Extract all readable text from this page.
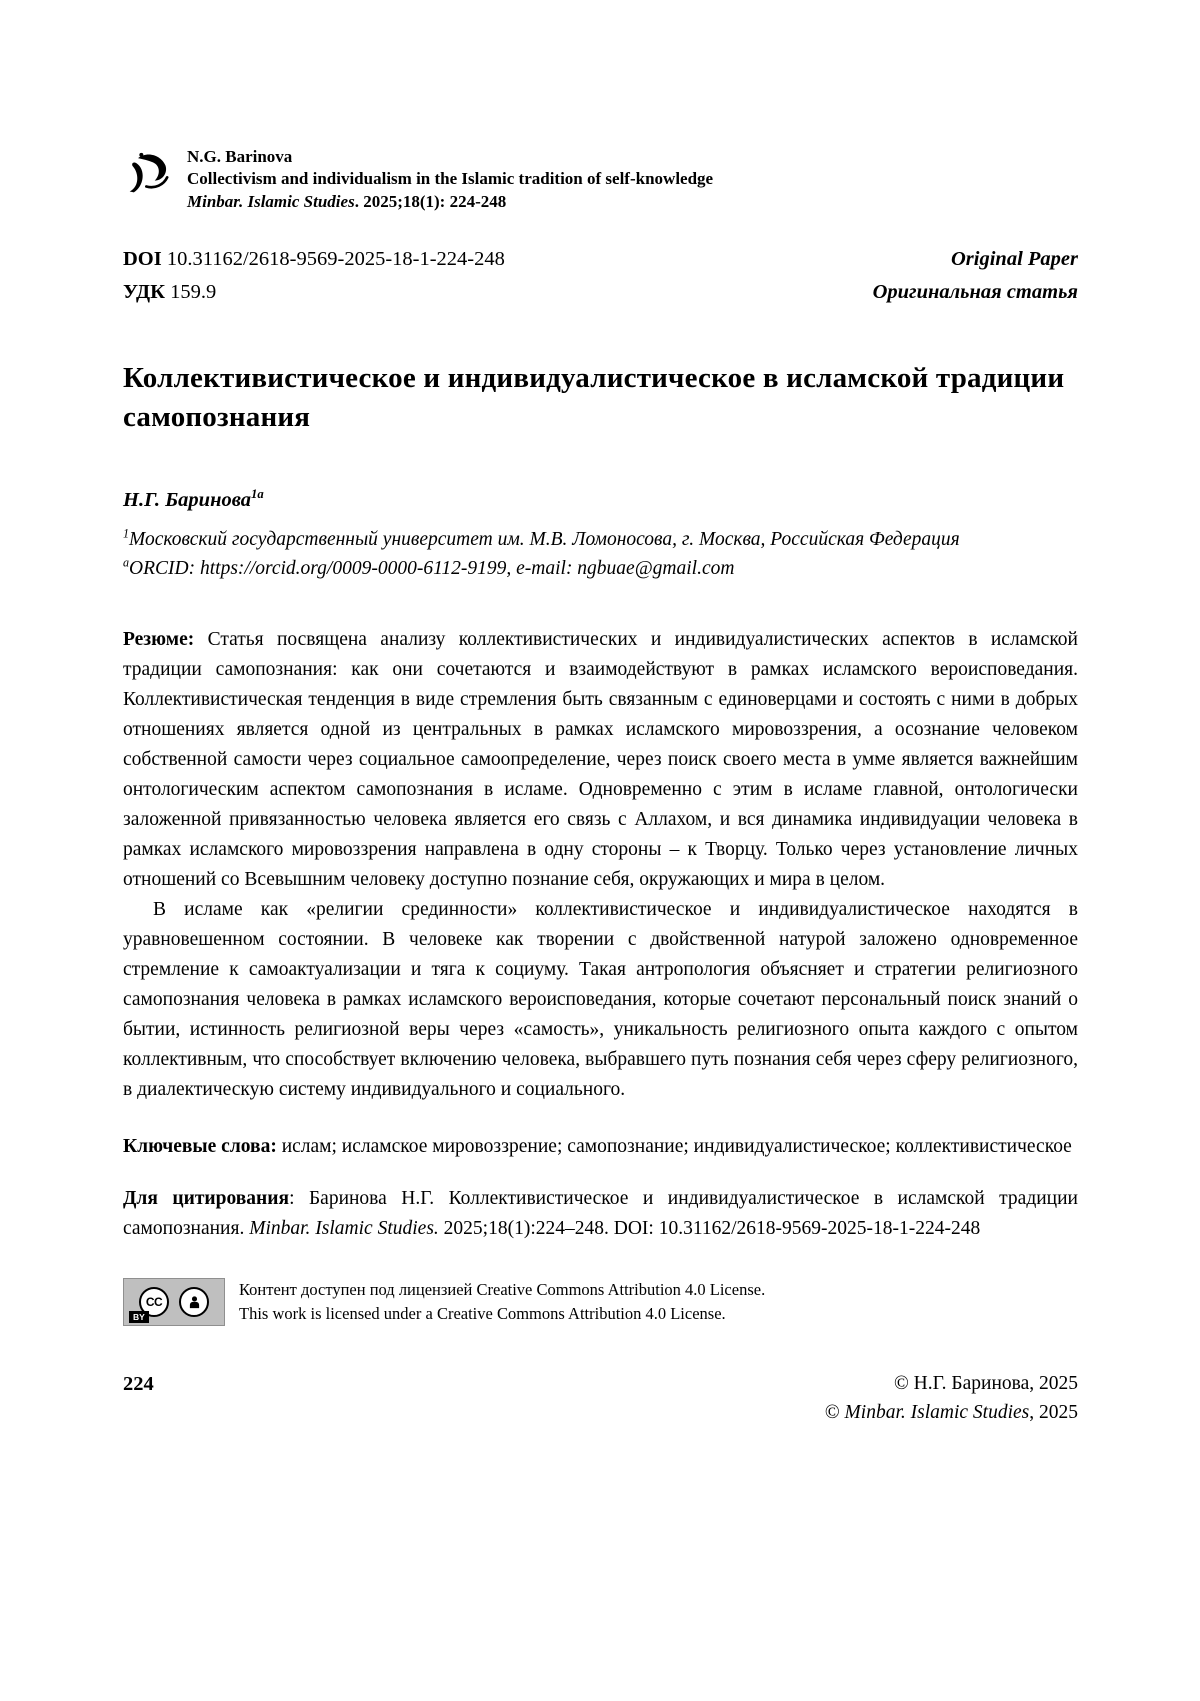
N.G. Barinova
Collectivism and individualism in the Islamic tradition of self-knowledge
Minbar. Islamic Studies. 2025;18(1): 224-248
DOI 10.31162/2618-9569-2025-18-1-224-248	Original Paper
УДК 159.9	Оригинальная статья
Коллективистическое и индивидуалистическое в исламской традиции самопознания
Н.Г. Баринова$^{1a}$

$^1$Московский государственный университет им. М.В. Ломоносова, г. Москва, Российская Федерация

$^a$ORCID: https://orcid.org/0009-0000-6112-9199, e-mail: ngbuae@gmail.com

Резюме: Статья посвящена анализу коллективистических и индивидуалистических аспектов в исламской традиции самопознания: как они сочетаются и взаимодействуют в рамках исламского вероисповедания. Коллективистическая тенденция в виде стремления быть связанным с единоверцами и состоять с ними в добрых отношениях является одной из центральных в рамках исламского мировоззрения, а осознание человеком собственной самости через социальное самоопределение, через поиск своего места в умме является важнейшим онтологическим аспектом самопознания в исламе. Одновременно с этим в исламе главной, онтологически заложенной привязанностью человека является его связь с Аллахом, и вся динамика индивидуации человека в рамках исламского мировоззрения направлена в одну стороны – к Творцу. Только через установление личных отношений со Всевышним человеку доступно познание себя, окружающих и мира в целом.

В исламе как «религии срединности» коллективистическое и индивидуалистическое находятся в уравновешенном состоянии. В человеке как творении с двойственной натурой заложено одновременное стремление к самоактуализации и тяга к социуму. Такая антропология объясняет и стратегии религиозного самопознания человека в рамках исламского вероисповедания, которые сочетают персональный поиск знаний о бытии, истинность религиозной веры через «самость», уникальность религиозного опыта каждого с опытом коллективным, что способствует включению человека, выбравшего путь познания себя через сферу религиозного, в диалектическую систему индивидуального и социального.

Ключевые слова: ислам; исламское мировоззрение; самопознание; индивидуалистическое; коллективистическое

Для цитирования: Баринова Н.Г. Коллективистическое и индивидуалистическое в исламской традиции самопознания. Minbar. Islamic Studies. 2025;18(1):224–248. DOI: 10.31162/2618-9569-2025-18-1-224-248

CC
BY
Контент доступен под лицензией Creative Commons Attribution 4.0 License.
This work is licensed under a Creative Commons Attribution 4.0 License.
224	© Н.Г. Баринова, 2025
© Minbar. Islamic Studies, 2025
